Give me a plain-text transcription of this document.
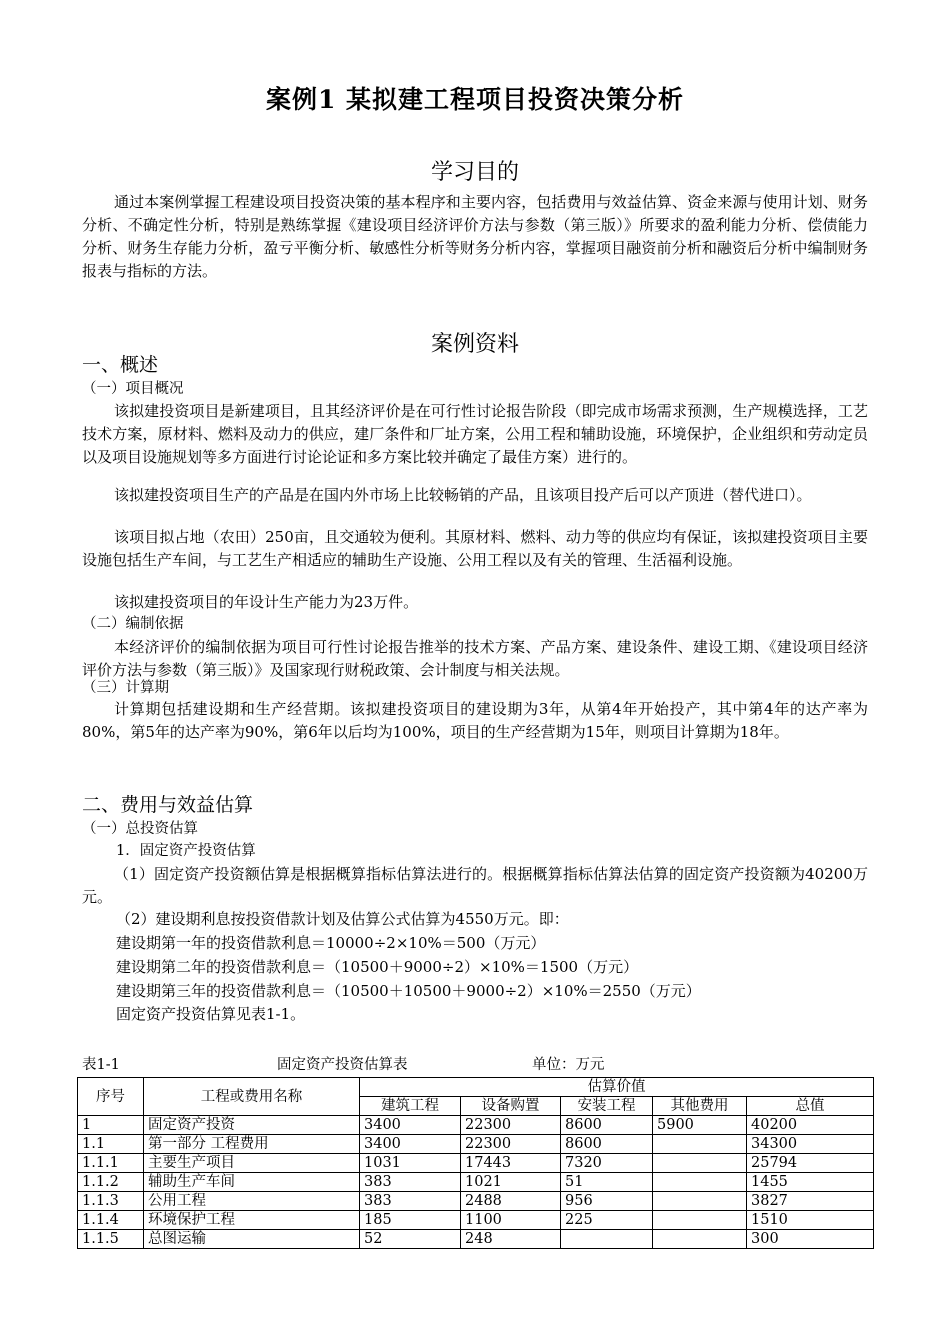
案例1 某拟建工程项目投资决策分析
学习目的

通过本案例掌握工程建设项目投资决策的基本程序和主要内容，包括费用与效益估算、资金来源与使用计划、财务分析、不确定性分析，特别是熟练掌握《建设项目经济评价方法与参数（第三版）》所要求的盈利能力分析、偿债能力分析、财务生存能力分析，盈亏平衡分析、敏感性分析等财务分析内容，掌握项目融资前分析和融资后分析中编制财务报表与指标的方法。

案例资料
一、概述
（一）项目概况

该拟建投资项目是新建项目，且其经济评价是在可行性讨论报告阶段（即完成市场需求预测，生产规模选择，工艺技术方案，原材料、燃料及动力的供应，建厂条件和厂址方案，公用工程和辅助设施，环境保护，企业组织和劳动定员以及项目设施规划等多方面进行讨论论证和多方案比较并确定了最佳方案）进行的。

该拟建投资项目生产的产品是在国内外市场上比较畅销的产品，且该项目投产后可以产顶进（替代进口）。

该项目拟占地（农田）250亩，且交通较为便利。其原材料、燃料、动力等的供应均有保证，该拟建投资项目主要设施包括生产车间，与工艺生产相适应的辅助生产设施、公用工程以及有关的管理、生活福利设施。

该拟建投资项目的年设计生产能力为23万件。

（二）编制依据

本经济评价的编制依据为项目可行性讨论报告推举的技术方案、产品方案、建设条件、建设工期、《建设项目经济评价方法与参数（第三版）》及国家现行财税政策、会计制度与相关法规。

（三）计算期

计算期包括建设期和生产经营期。该拟建投资项目的建设期为3年，从第4年开始投产，其中第4年的达产率为80%，第5年的达产率为90%，第6年以后均为100%，项目的生产经营期为15年，则项目计算期为18年。

二、费用与效益估算
（一）总投资估算
1．固定资产投资估算

（1）固定资产投资额估算是根据概算指标估算法进行的。根据概算指标估算法估算的固定资产投资额为40200万元。

（2）建设期利息按投资借款计划及估算公式估算为4550万元。即：
建设期第一年的投资借款利息＝10000÷2×10%＝500（万元）
建设期第二年的投资借款利息＝（10500＋9000÷2）×10%＝1500（万元）
建设期第三年的投资借款利息＝（10500＋10500＋9000÷2）×10%＝2550（万元）
固定资产投资估算见表1-1。
表1-1	固定资产投资估算表	单位：万元
序号	工程或费用名称	估算价值				
		建筑工程	设备购置	安装工程	其他费用	总值
1	固定资产投资	3400	22300	8600	5900	40200
1.1	第一部分 工程费用	3400	22300	8600		34300
1.1.1	主要生产项目	1031	17443	7320		25794
1.1.2	辅助生产车间	383	1021	51		1455
1.1.3	公用工程	383	2488	956		3827
1.1.4	环境保护工程	185	1100	225		1510
1.1.5	总图运输	52	248			300
